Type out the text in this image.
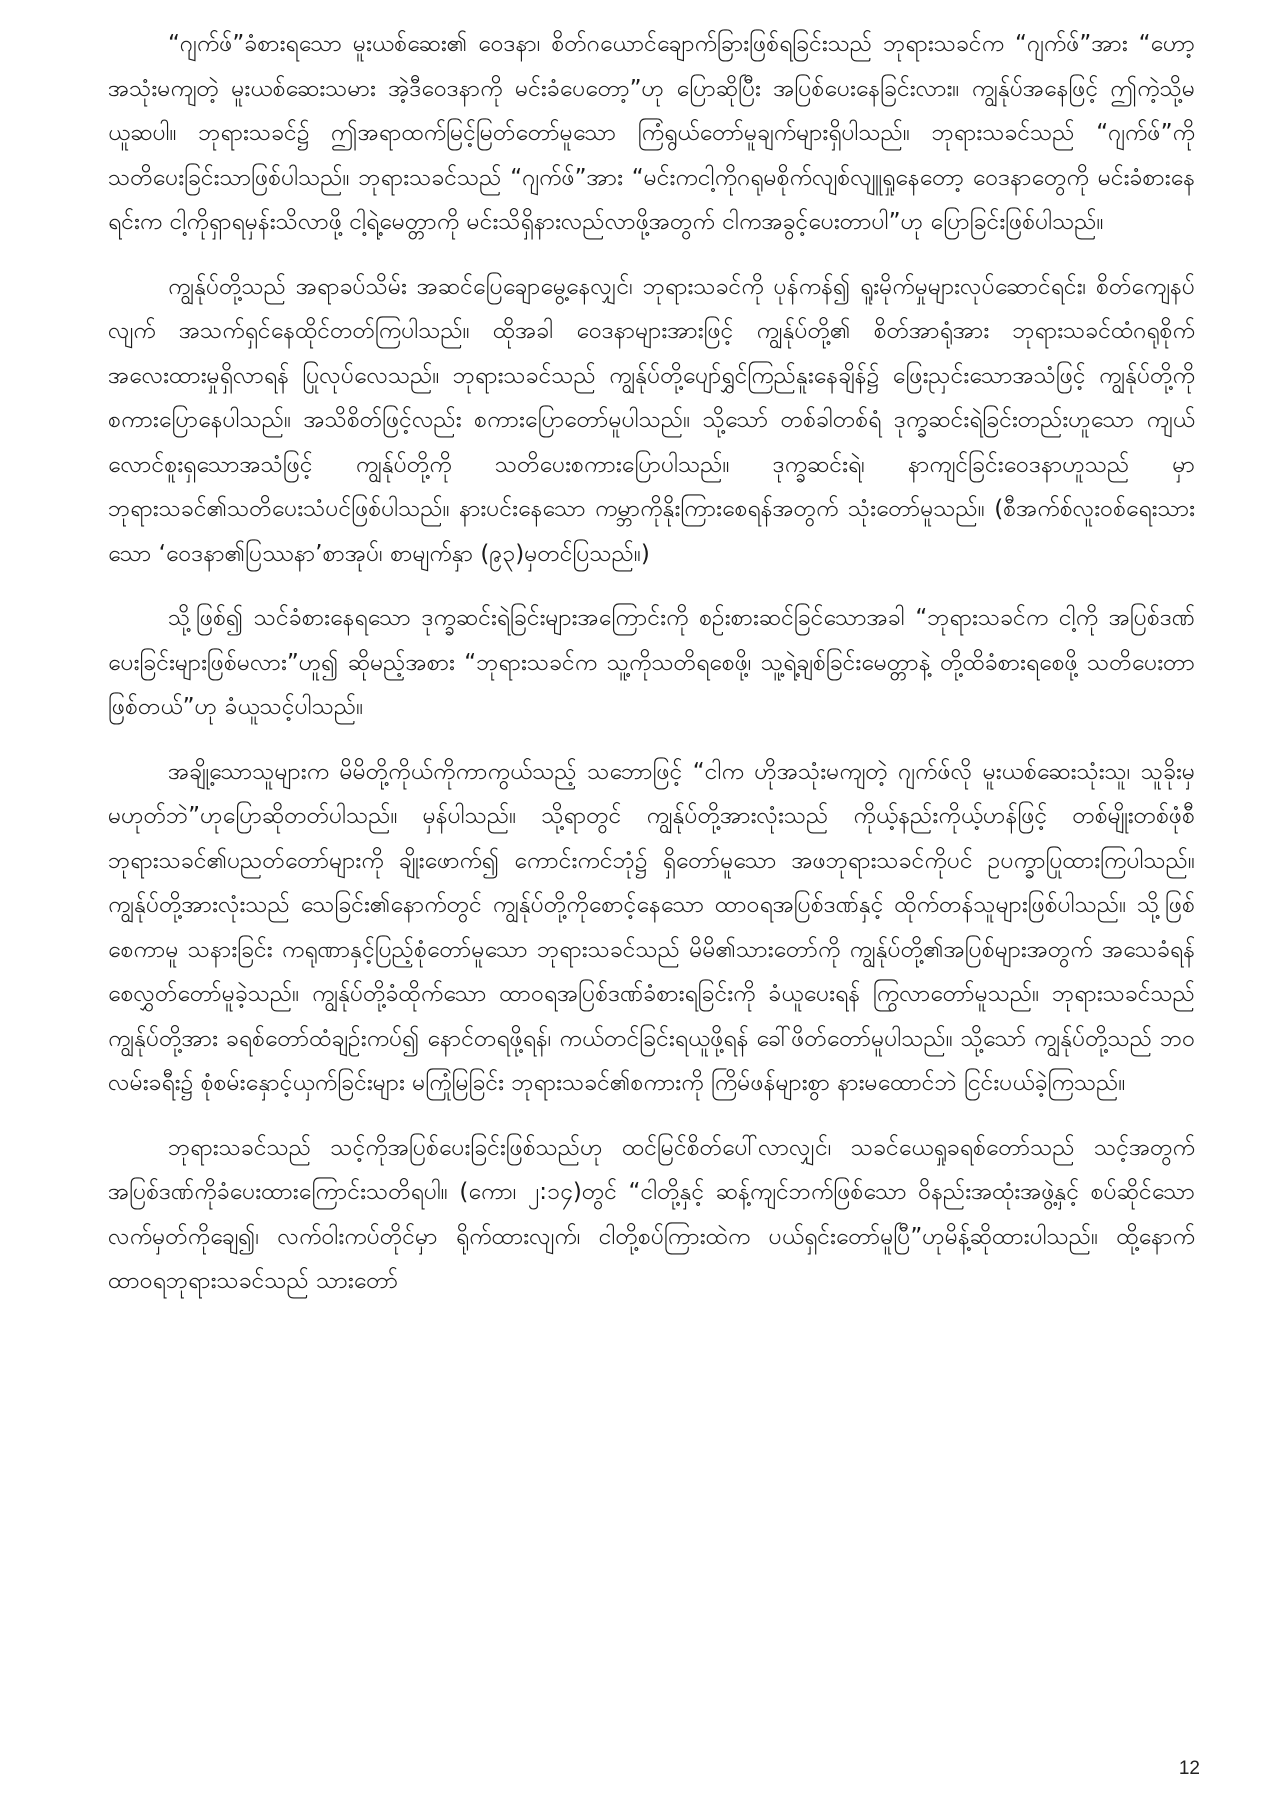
“ဂျက်ဖ်”ခံစားရသော မူးယစ်ဆေး၏ ဝေဒနာ၊ စိတ်ဂယောင်ချောက်ခြားဖြစ်ရခြင်းသည် ဘုရားသခင်က “ဂျက်ဖ်”အား “ဟော့ အသုံးမကျတဲ့ မူးယစ်ဆေးသမား အဲ့ဒီဝေဒနာကို မင်းခံပေတော့”ဟု ပြောဆိုပြီး အပြစ်ပေးနေခြင်းလား။ ကျွန်ုပ်အနေဖြင့် ဤကဲ့သို့မယူဆပါ။ ဘုရားသခင်၌ ဤအရာထက်မြင့်မြတ်တော်မူသော ကြံရွယ်တော်မူချက်များရှိပါသည်။ ဘုရားသခင်သည် “ဂျက်ဖ်”ကိုသတိပေးခြင်းသာဖြစ်ပါသည်။ ဘုရားသခင်သည် “ဂျက်ဖ်”အား “မင်းကငါ့ကိုဂရုမစိုက်လျစ်လျူရှုနေတော့ ဝေဒနာတွေကို မင်းခံစားနေရင်းက ငါ့ကိုရှာရမှန်းသိလာဖို့ ငါ့ရဲ့မေတ္တာကို မင်းသိရှိနားလည်လာဖို့အတွက် ငါကအခွင့်ပေးတာပါ”ဟု ပြောခြင်းဖြစ်ပါသည်။

ကျွန်ုပ်တို့သည် အရာခပ်သိမ်း အဆင်ပြေချောမွေ့နေလျှင်၊ ဘုရားသခင်ကို ပုန်ကန်၍ ရူးမိုက်မှုများလုပ်ဆောင်ရင်း၊ စိတ်ကျေနပ်လျက် အသက်ရှင်နေထိုင်တတ်ကြပါသည်။ ထိုအခါ ဝေဒနာများအားဖြင့် ကျွန်ုပ်တို့၏ စိတ်အာရုံအား ဘုရားသခင်ထံဂရုစိုက်အလေးထားမှုရှိလာရန် ပြုလုပ်လေသည်။ ဘုရားသခင်သည် ကျွန်ုပ်တို့ပျော်ရွှင်ကြည်နူးနေချိန်၌ ဖြေးညှင်းသောအသံဖြင့် ကျွန်ုပ်တို့ကို စကားပြောနေပါသည်။ အသိစိတ်ဖြင့်လည်း စကားပြောတော်မူပါသည်။ သို့သော် တစ်ခါတစ်ရံ ဒုက္ခဆင်းရဲခြင်းတည်းဟူသော ကျယ်လောင်စူးရှသောအသံဖြင့် ကျွန်ုပ်တို့ကို သတိပေးစကားပြောပါသည်။ ဒုက္ခဆင်းရဲ၊ နာကျင်ခြင်းဝေဒနာဟူသည် မှာ ဘုရားသခင်၏သတိပေးသံပင်ဖြစ်ပါသည်။ နားပင်းနေသော ကမ္ဘာကိုနိုးကြားစေရန်အတွက် သုံးတော်မူသည်။ (စီအက်စ်လူးဝစ်ရေးသားသော ‘ဝေဒနာ၏ပြဿနာ’စာအုပ်၊ စာမျက်နှာ (၉၃)မှတင်ပြသည်။)

သို့ဖြစ်၍ သင်ခံစားနေရသော ဒုက္ခဆင်းရဲခြင်းများအကြောင်းကို စဉ်းစားဆင်ခြင်သောအခါ “ဘုရားသခင်က ငါ့ကို အပြစ်ဒဏ်ပေးခြင်းများဖြစ်မလား”ဟူ၍ ဆိုမည့်အစား “ဘုရားသခင်က သူ့ကိုသတိရစေဖို့၊ သူ့ရဲ့ချစ်ခြင်းမေတ္တာနဲ့ တို့ထိခံစားရစေဖို့ သတိပေးတာဖြစ်တယ်”ဟု ခံယူသင့်ပါသည်။

အချို့သောသူများက မိမိတို့ကိုယ်ကိုကာကွယ်သည့် သဘောဖြင့် “ငါက ဟိုအသုံးမကျတဲ့ ဂျက်ဖ်လို မူးယစ်ဆေးသုံးသူ၊ သူခိုးမှမဟုတ်ဘဲ”ဟုပြောဆိုတတ်ပါသည်။ မှန်ပါသည်။ သို့ရာတွင် ကျွန်ုပ်တို့အားလုံးသည် ကိုယ့်နည်းကိုယ့်ဟန်ဖြင့် တစ်မျိုးတစ်ဖုံစီ ဘုရားသခင်၏ပညတ်တော်များကို ချိုးဖောက်၍ ကောင်းကင်ဘုံ၌ ရှိတော်မူသော အဖဘုရားသခင်ကိုပင် ဥပက္ခာပြုထားကြပါသည်။ ကျွန်ုပ်တို့အားလုံးသည် သေခြင်း၏နောက်တွင် ကျွန်ုပ်တို့ကိုစောင့်နေသော ထာဝရအပြစ်ဒဏ်နှင့် ထိုက်တန်သူများဖြစ်ပါသည်။ သို့ဖြစ်စေကာမူ သနားခြင်း ကရုဏာနှင့်ပြည့်စုံတော်မူသော ဘုရားသခင်သည် မိမိ၏သားတော်ကို ကျွန်ုပ်တို့၏အပြစ်များအတွက် အသေခံရန်စေလွှတ်တော်မူခဲ့သည်။ ကျွန်ုပ်တို့ခံထိုက်သော ထာဝရအပြစ်ဒဏ်ခံစားရခြင်းကို ခံယူပေးရန် ကြွလာတော်မူသည်။ ဘုရားသခင်သည် ကျွန်ုပ်တို့အား ခရစ်တော်ထံချဉ်းကပ်၍ နောင်တရဖို့ရန်၊ ကယ်တင်ခြင်းရယူဖို့ရန် ခေါ်ဖိတ်တော်မူပါသည်။ သို့သော် ကျွန်ုပ်တို့သည် ဘဝလမ်းခရီး၌ စုံစမ်းနှောင့်ယှက်ခြင်းများ မကြုံမြခြင်း ဘုရားသခင်၏စကားကို ကြိမ်ဖန်များစွာ နားမထောင်ဘဲ ငြင်းပယ်ခဲ့ကြသည်။

ဘုရားသခင်သည် သင့်ကိုအပြစ်ပေးခြင်းဖြစ်သည်ဟု ထင်မြင်စိတ်ပေါ်လာလျှင်၊ သခင်ယေရှုခရစ်တော်သည် သင့်အတွက် အပြစ်ဒဏ်ကိုခံပေးထားကြောင်းသတိရပါ။ (ကော၊ ၂:၁၄)တွင် “ငါတို့နှင့် ဆန့်ကျင်ဘက်ဖြစ်သော ဝိနည်းအထုံးအဖွဲ့နှင့် စပ်ဆိုင်သောလက်မှတ်ကိုချေ၍၊ လက်ဝါးကပ်တိုင်မှာ ရိုက်ထားလျက်၊ ငါတို့စပ်ကြားထဲက ပယ်ရှင်းတော်မူပြီ”ဟုမိန့်ဆိုထားပါသည်။ ထို့နောက် ထာဝရဘုရားသခင်သည် သားတော်

12
